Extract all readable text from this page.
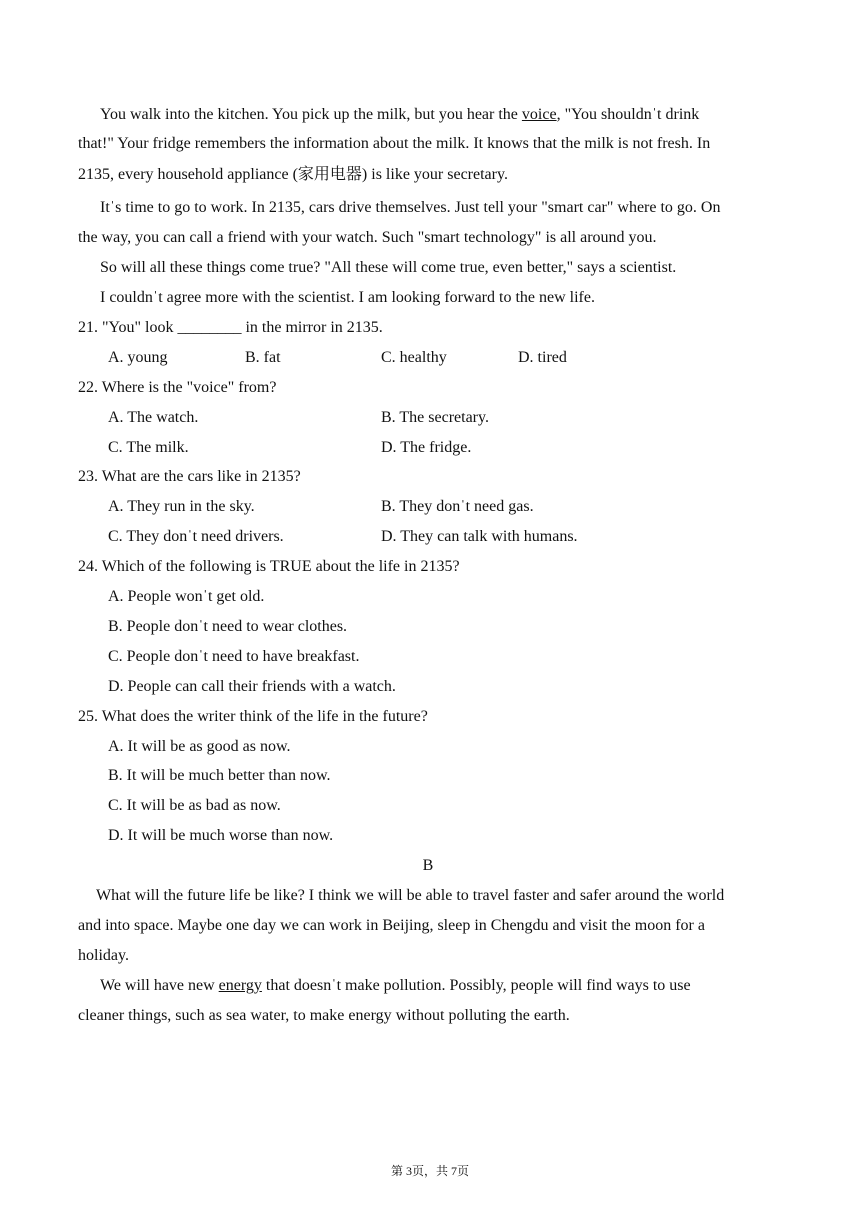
You walk into the kitchen. You pick up the milk, but you hear the voice, "You shouldnˈt drink
that!" Your fridge remembers the information about the milk. It knows that the milk is not fresh. In
2135, every household appliance (家用电器) is like your secretary.
Itˈs time to go to work. In 2135, cars drive themselves. Just tell your "smart car" where to go. On
the way, you can call a friend with your watch. Such "smart technology" is all around you.
So will all these things come true? "All these will come true, even better," says a scientist.
I couldnˈt agree more with the scientist. I am looking forward to the new life.
21. "You" look ________ in the mirror in 2135.
A. young	B. fat	C. healthy	D. tired
22. Where is the "voice" from?
A. The watch.	B. The secretary.
C. The milk.	D. The fridge.
23. What are the cars like in 2135?
A. They run in the sky.	B. They donˈt need gas.
C. They donˈt need drivers.	D. They can talk with humans.
24. Which of the following is TRUE about the life in 2135?
A. People wonˈt get old.
B. People donˈt need to wear clothes.
C. People donˈt need to have breakfast.
D. People can call their friends with a watch.
25. What does the writer think of the life in the future?
A. It will be as good as now.
B. It will be much better than now.
C. It will be as bad as now.
D. It will be much worse than now.
B
What will the future life be like? I think we will be able to travel faster and safer around the world
and into space. Maybe one day we can work in Beijing, sleep in Chengdu and visit the moon for a
holiday.
We will have new energy that doesnˈt make pollution. Possibly, people will find ways to use
cleaner things, such as sea water, to make energy without polluting the earth.
第 3页，共 7页
